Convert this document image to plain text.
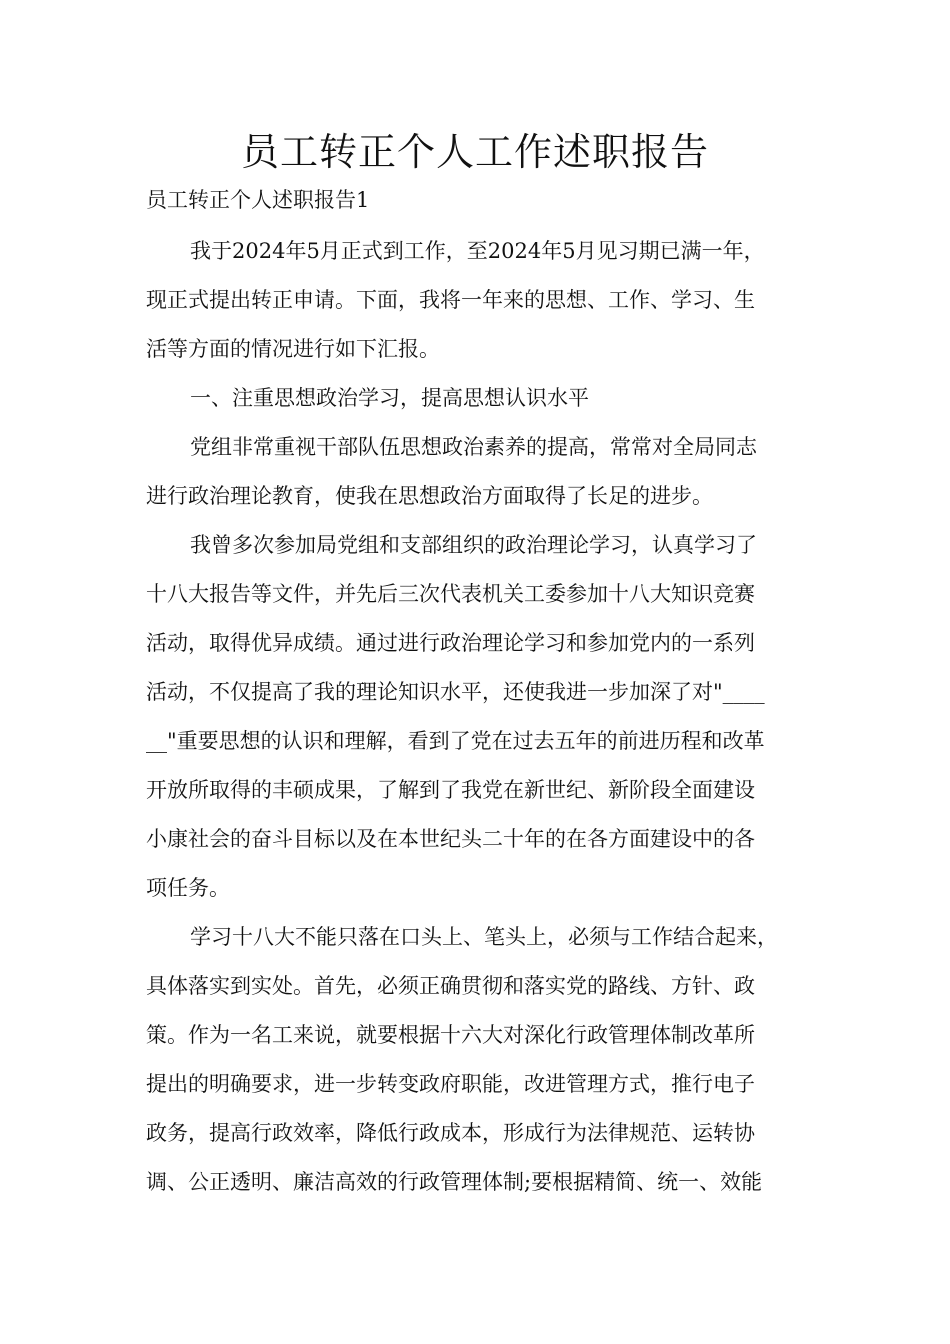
员工转正个人工作述职报告

员工转正个人述职报告1

我于2024年5月正式到工作，至2024年5月见习期已满一年，
现正式提出转正申请。下面，我将一年来的思想、工作、学习、生
活等方面的情况进行如下汇报。
一、注重思想政治学习，提高思想认识水平
党组非常重视干部队伍思想政治素养的提高，常常对全局同志
进行政治理论教育，使我在思想政治方面取得了长足的进步。
我曾多次参加局党组和支部组织的政治理论学习，认真学习了
十八大报告等文件，并先后三次代表机关工委参加十八大知识竞赛
活动，取得优异成绩。通过进行政治理论学习和参加党内的一系列
活动，不仅提高了我的理论知识水平，还使我进一步加深了对"____
__"重要思想的认识和理解，看到了党在过去五年的前进历程和改革
开放所取得的丰硕成果，了解到了我党在新世纪、新阶段全面建设
小康社会的奋斗目标以及在本世纪头二十年的在各方面建设中的各
项任务。
学习十八大不能只落在口头上、笔头上，必须与工作结合起来，
具体落实到实处。首先，必须正确贯彻和落实党的路线、方针、政
策。作为一名工来说，就要根据十六大对深化行政管理体制改革所
提出的明确要求，进一步转变政府职能，改进管理方式，推行电子
政务，提高行政效率，降低行政成本，形成行为法律规范、运转协
调、公正透明、廉洁高效的行政管理体制;要根据精简、统一、效能
